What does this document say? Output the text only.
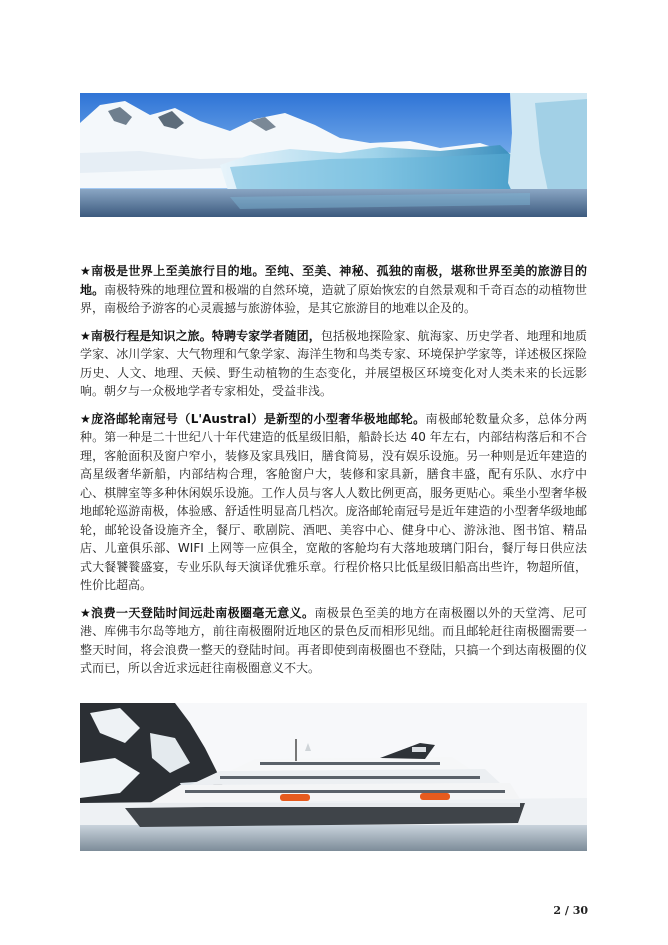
★南极是世界上至美旅行目的地。至纯、至美、神秘、孤独的南极，堪称世界至美的旅游目的地。南极特殊的地理位置和极端的自然环境，造就了原始恢宏的自然景观和千奇百态的动植物世界，南极给予游客的心灵震撼与旅游体验，是其它旅游目的地难以企及的。

★南极行程是知识之旅。特聘专家学者随团，包括极地探险家、航海家、历史学者、地理和地质学家、冰川学家、大气物理和气象学家、海洋生物和鸟类专家、环境保护学家等，详述极区探险历史、人文、地理、天候、野生动植物的生态变化，并展望极区环境变化对人类未来的长远影响。朝夕与一众极地学者专家相处，受益非浅。

★庞洛邮轮南冠号（L'Austral）是新型的小型奢华极地邮轮。南极邮轮数量众多，总体分两种。第一种是二十世纪八十年代建造的低星级旧船，船龄长达 40 年左右，内部结构落后和不合理，客舱面积及窗户窄小，装修及家具残旧，膳食简易，没有娱乐设施。另一种则是近年建造的高星级奢华新船，内部结构合理，客舱窗户大，装修和家具新，膳食丰盛，配有乐队、水疗中心、棋牌室等多种休闲娱乐设施。工作人员与客人人数比例更高，服务更贴心。乘坐小型奢华极地邮轮巡游南极，体验感、舒适性明显高几档次。庞洛邮轮南冠号是近年建造的小型奢华级地邮轮，邮轮设备设施齐全，餐厅、歌剧院、酒吧、美容中心、健身中心、游泳池、图书馆、精品店、儿童俱乐部、WIFI 上网等一应俱全，宽敞的客舱均有大落地玻璃门阳台，餐厅每日供应法式大餐饕餮盛宴，专业乐队每天演译优雅乐章。行程价格只比低星级旧船高出些许，物超所值，性价比超高。

★浪费一天登陆时间远赴南极圈毫无意义。南极景色至美的地方在南极圈以外的天堂湾、尼可港、库佛韦尔岛等地方，前往南极圈附近地区的景色反而相形见绌。而且邮轮赶往南极圈需要一整天时间，将会浪费一整天的登陆时间。再者即使到南极圈也不登陆，只搞一个到达南极圈的仪式而已，所以舍近求远赶往南极圈意义不大。

2 / 30
